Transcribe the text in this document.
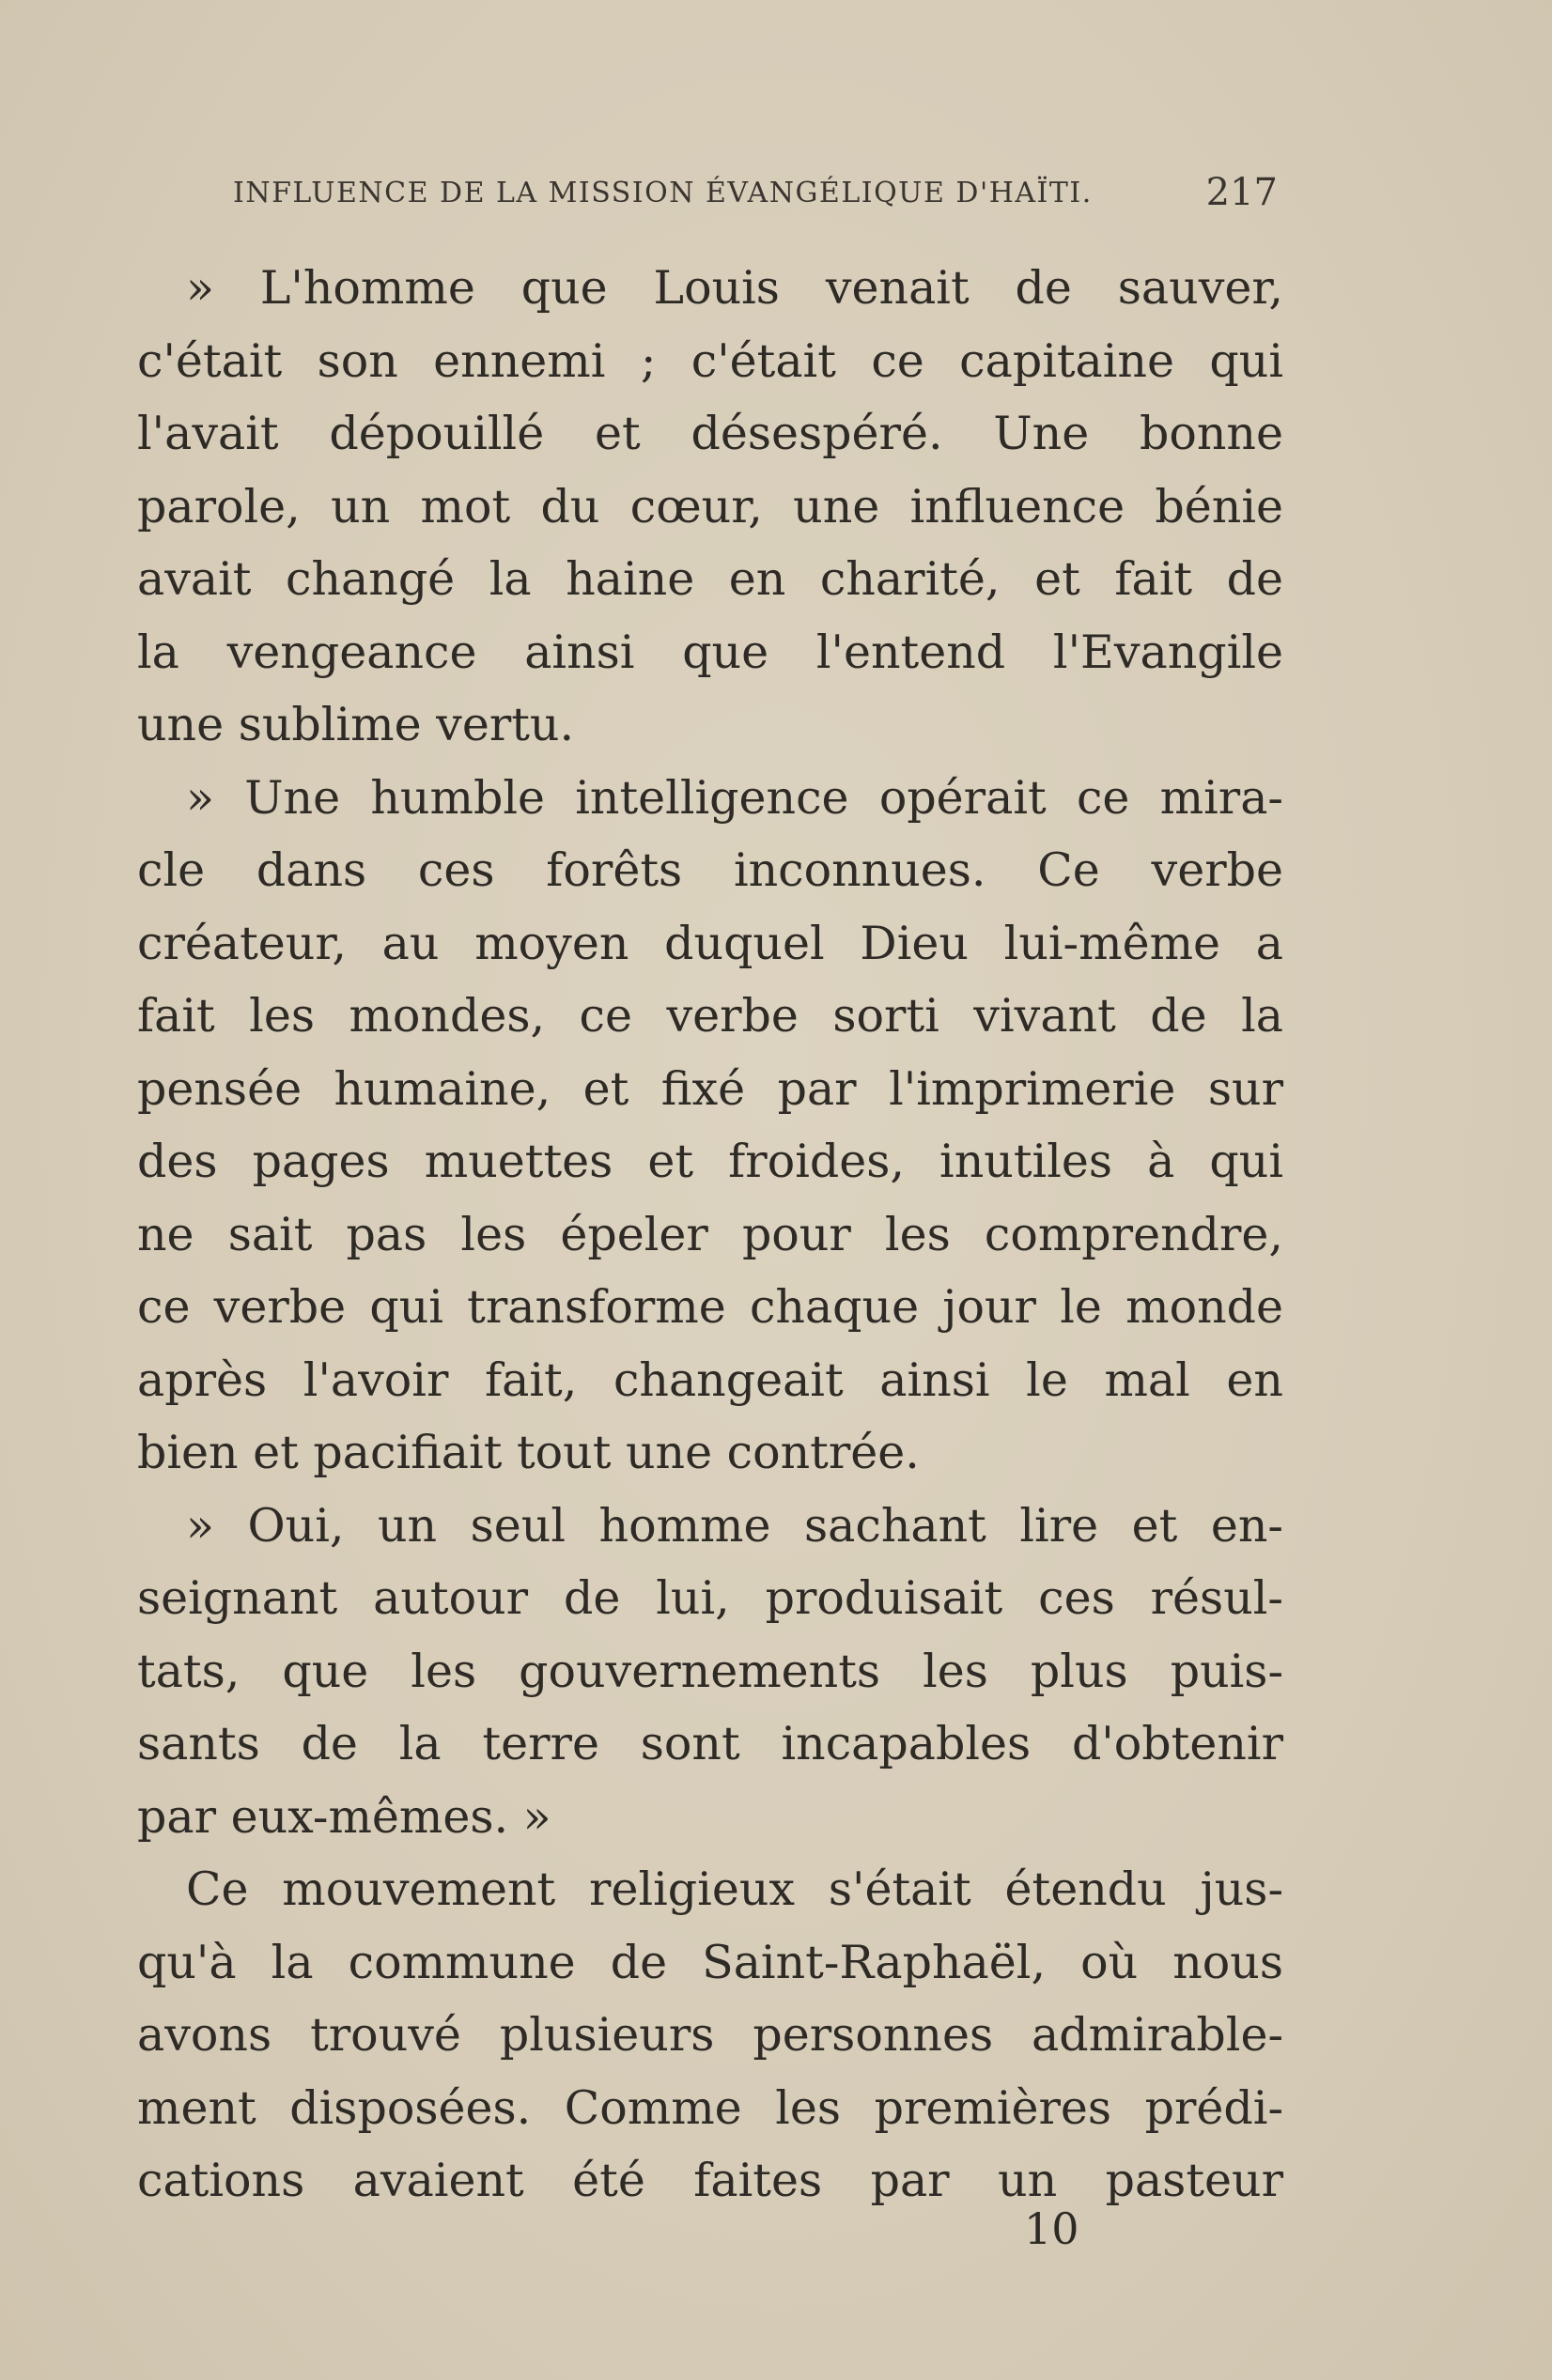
INFLUENCE DE LA MISSION ÉVANGÉLIQUE D'HAÏTI.	217
» L'homme que Louis venait de sauver,
c'était son ennemi ; c'était ce capitaine qui
l'avait dépouillé et désespéré. Une bonne
parole, un mot du cœur, une influence bénie
avait changé la haine en charité, et fait de
la vengeance ainsi que l'entend l'Evangile
une sublime vertu.
» Une humble intelligence opérait ce mira-
cle dans ces forêts inconnues. Ce verbe
créateur, au moyen duquel Dieu lui-même a
fait les mondes, ce verbe sorti vivant de la
pensée humaine, et fixé par l'imprimerie sur
des pages muettes et froides, inutiles à qui
ne sait pas les épeler pour les comprendre,
ce verbe qui transforme chaque jour le monde
après l'avoir fait, changeait ainsi le mal en
bien et pacifiait tout une contrée.
» Oui, un seul homme sachant lire et en-
seignant autour de lui, produisait ces résul-
tats, que les gouvernements les plus puis-
sants de la terre sont incapables d'obtenir
par eux-mêmes. »
Ce mouvement religieux s'était étendu jus-
qu'à la commune de Saint-Raphaël, où nous
avons trouvé plusieurs personnes admirable-
ment disposées. Comme les premières prédi-
cations avaient été faites par un pasteur
10
